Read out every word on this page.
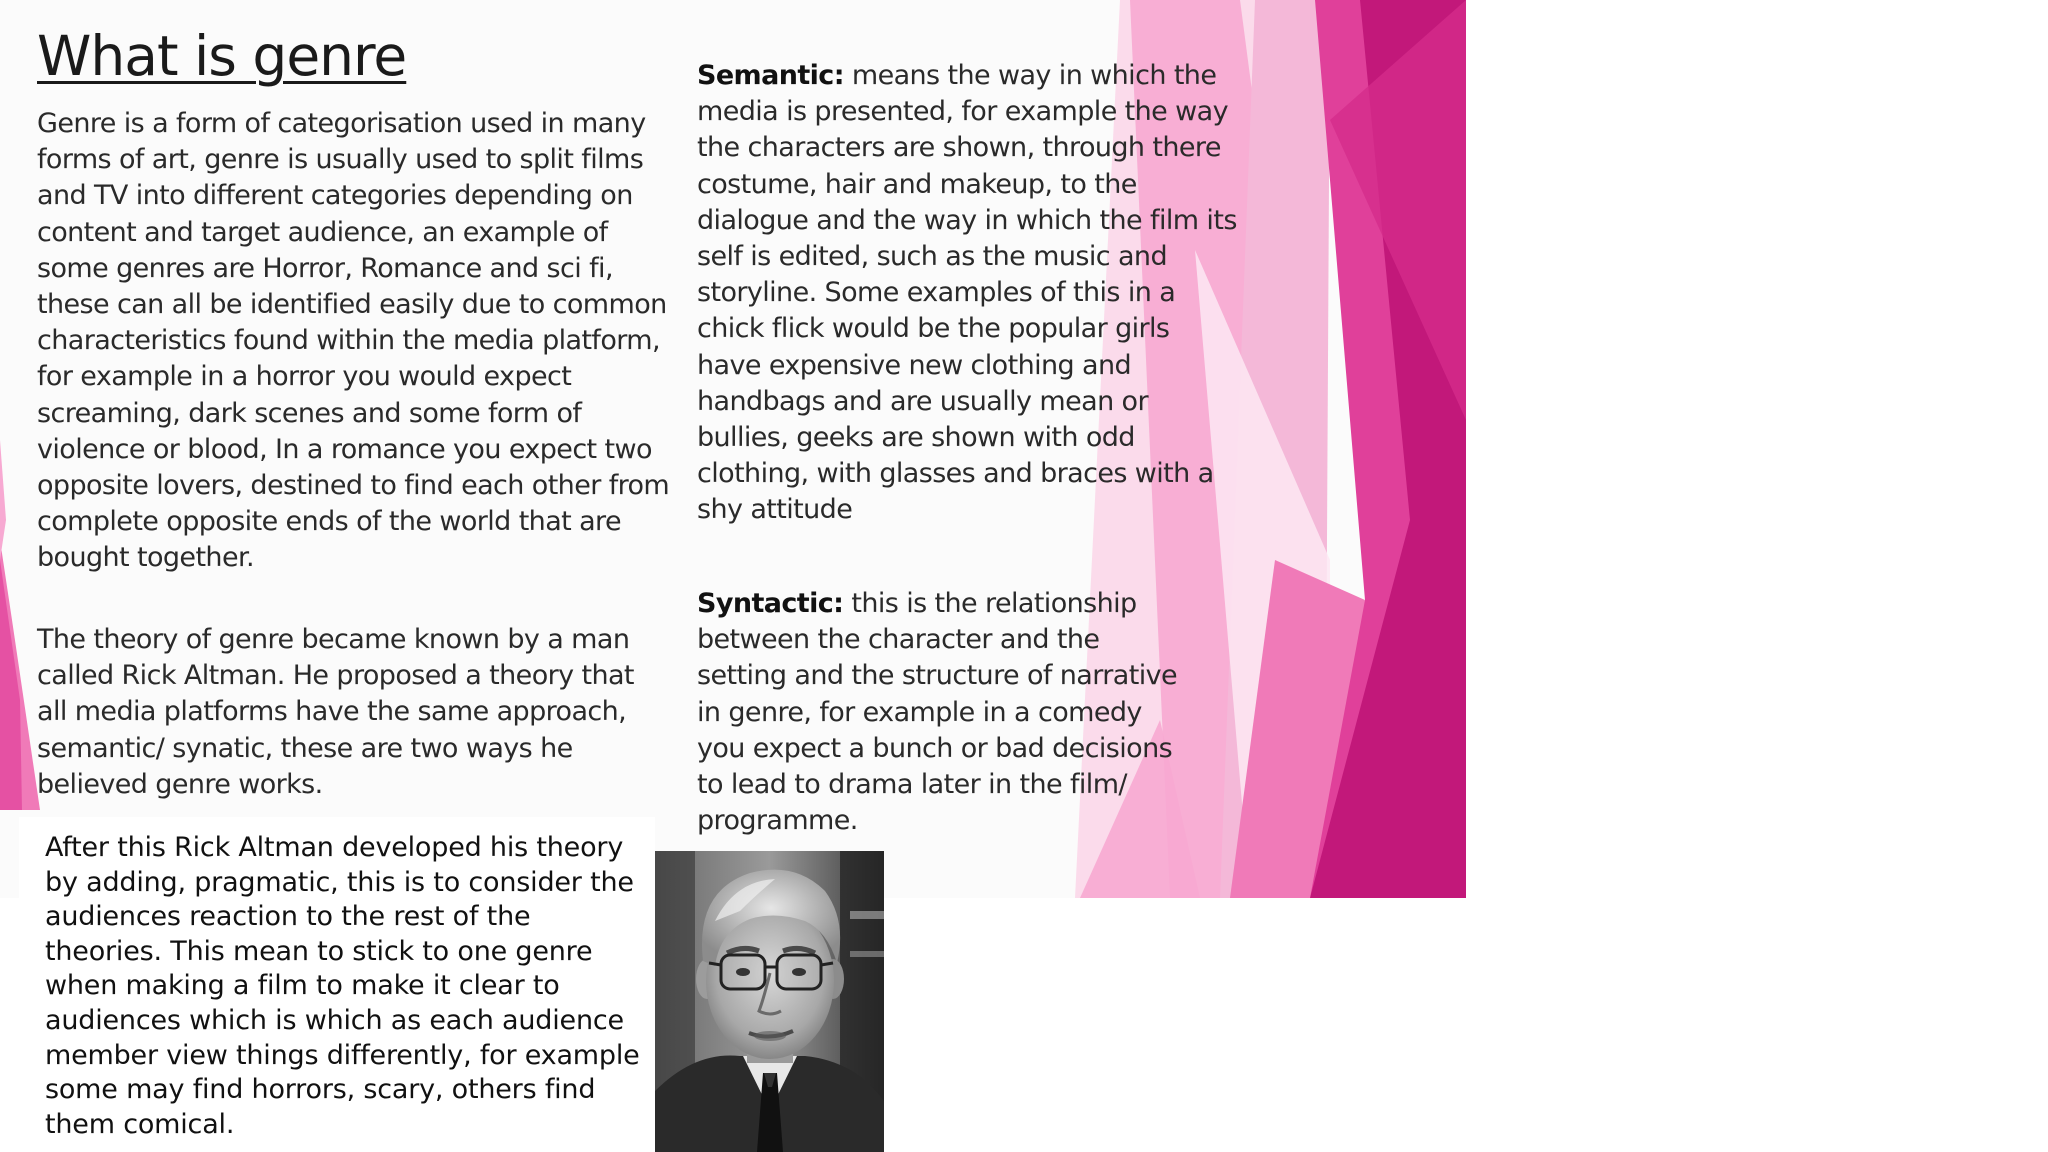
What is genre

Genre is a form of categorisation used in many forms of art, genre is usually used to split films and TV into different categories depending on content and target audience, an example of some genres are Horror, Romance and sci fi, these can all be identified easily due to common characteristics found within the media platform, for example in a horror you would expect screaming, dark scenes and some form of violence or blood, In a romance you expect two opposite lovers, destined to find each other from complete opposite ends of the world that are bought together.

The theory of genre became known by a man called Rick Altman. He proposed a theory that all media platforms have the same approach, semantic/ synatic, these are two ways he believed genre works.

Semantic: means the way in which the media is presented, for example the way the characters are shown, through there costume, hair and makeup, to the dialogue and the way in which the film its self is edited, such as the music and storyline. Some examples of this in a chick flick would be the popular girls have expensive new clothing and handbags and are usually mean or bullies, geeks are shown with odd clothing, with glasses and braces with a shy attitude

Syntactic: this is the relationship between the character and the setting and the structure of narrative in genre, for example in a comedy you expect a bunch or bad decisions to lead to drama later in the film/ programme.

After this Rick Altman developed his theory by adding, pragmatic, this is to consider the audiences reaction to the rest of the theories. This mean to stick to one genre when making a film to make it clear to audiences which is which as each audience member view things differently, for example some may find horrors, scary, others find them comical.
